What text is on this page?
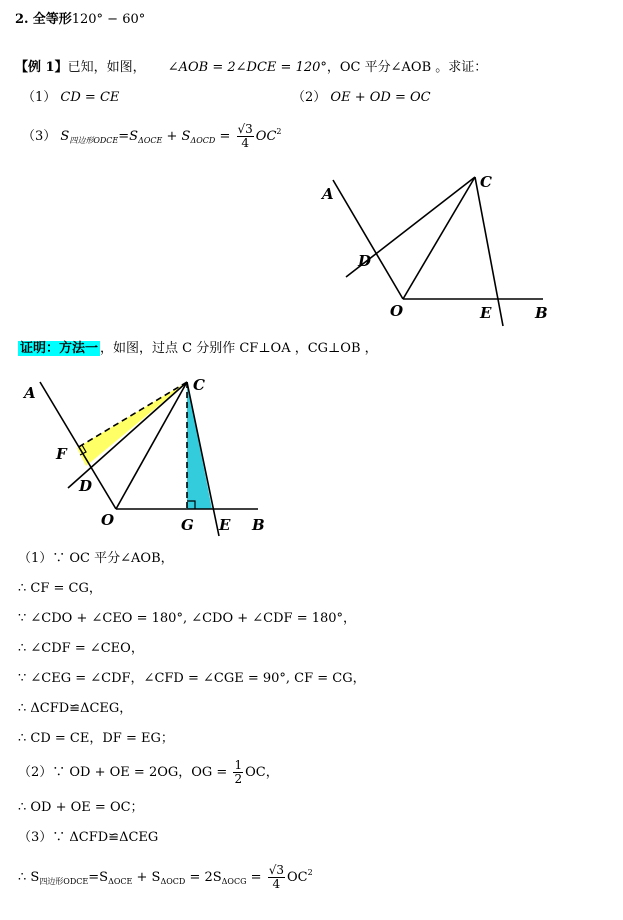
2. 全等形120° − 60°
【例 1】已知，如图， ∠AOB = 2∠DCE = 120°，OC 平分∠AOB 。求证：
（1） CD = CE	（2） OE + OD = OC
（3） $S_{四边形ODCE}=S_{\Delta OCE} + S_{\Delta OCD} = \frac{√3}{4} OC^2$
A
C
D
O	E	B
证明：方法一 ，如图，过点 C 分别作 CF⊥OA ，CG⊥OB ，
A	C
F
D
O	G E B
（1）∵ OC 平分∠AOB，
∴ CF = CG，
∵ ∠CDO + ∠CEO = 180°, ∠CDO + ∠CDF = 180°，
∴ ∠CDF = ∠CEO，
∵ ∠CEG = ∠CDF，∠CFD = ∠CGE = 90°, CF = CG，
∴ ΔCFD≌ΔCEG，
∴ CD = CE，DF = EG；
（2）∵ OD + OE = 2OG，OG = $\frac{1}{2}$ OC，
∴ OD + OE = OC；
（3）∵ ΔCFD≌ΔCEG
∴ $S_{四边形ODCE}=S_{\Delta OCE} + S_{\Delta OCD} = 2S_{\Delta OCG} = \frac{√3}{4} OC^2$
